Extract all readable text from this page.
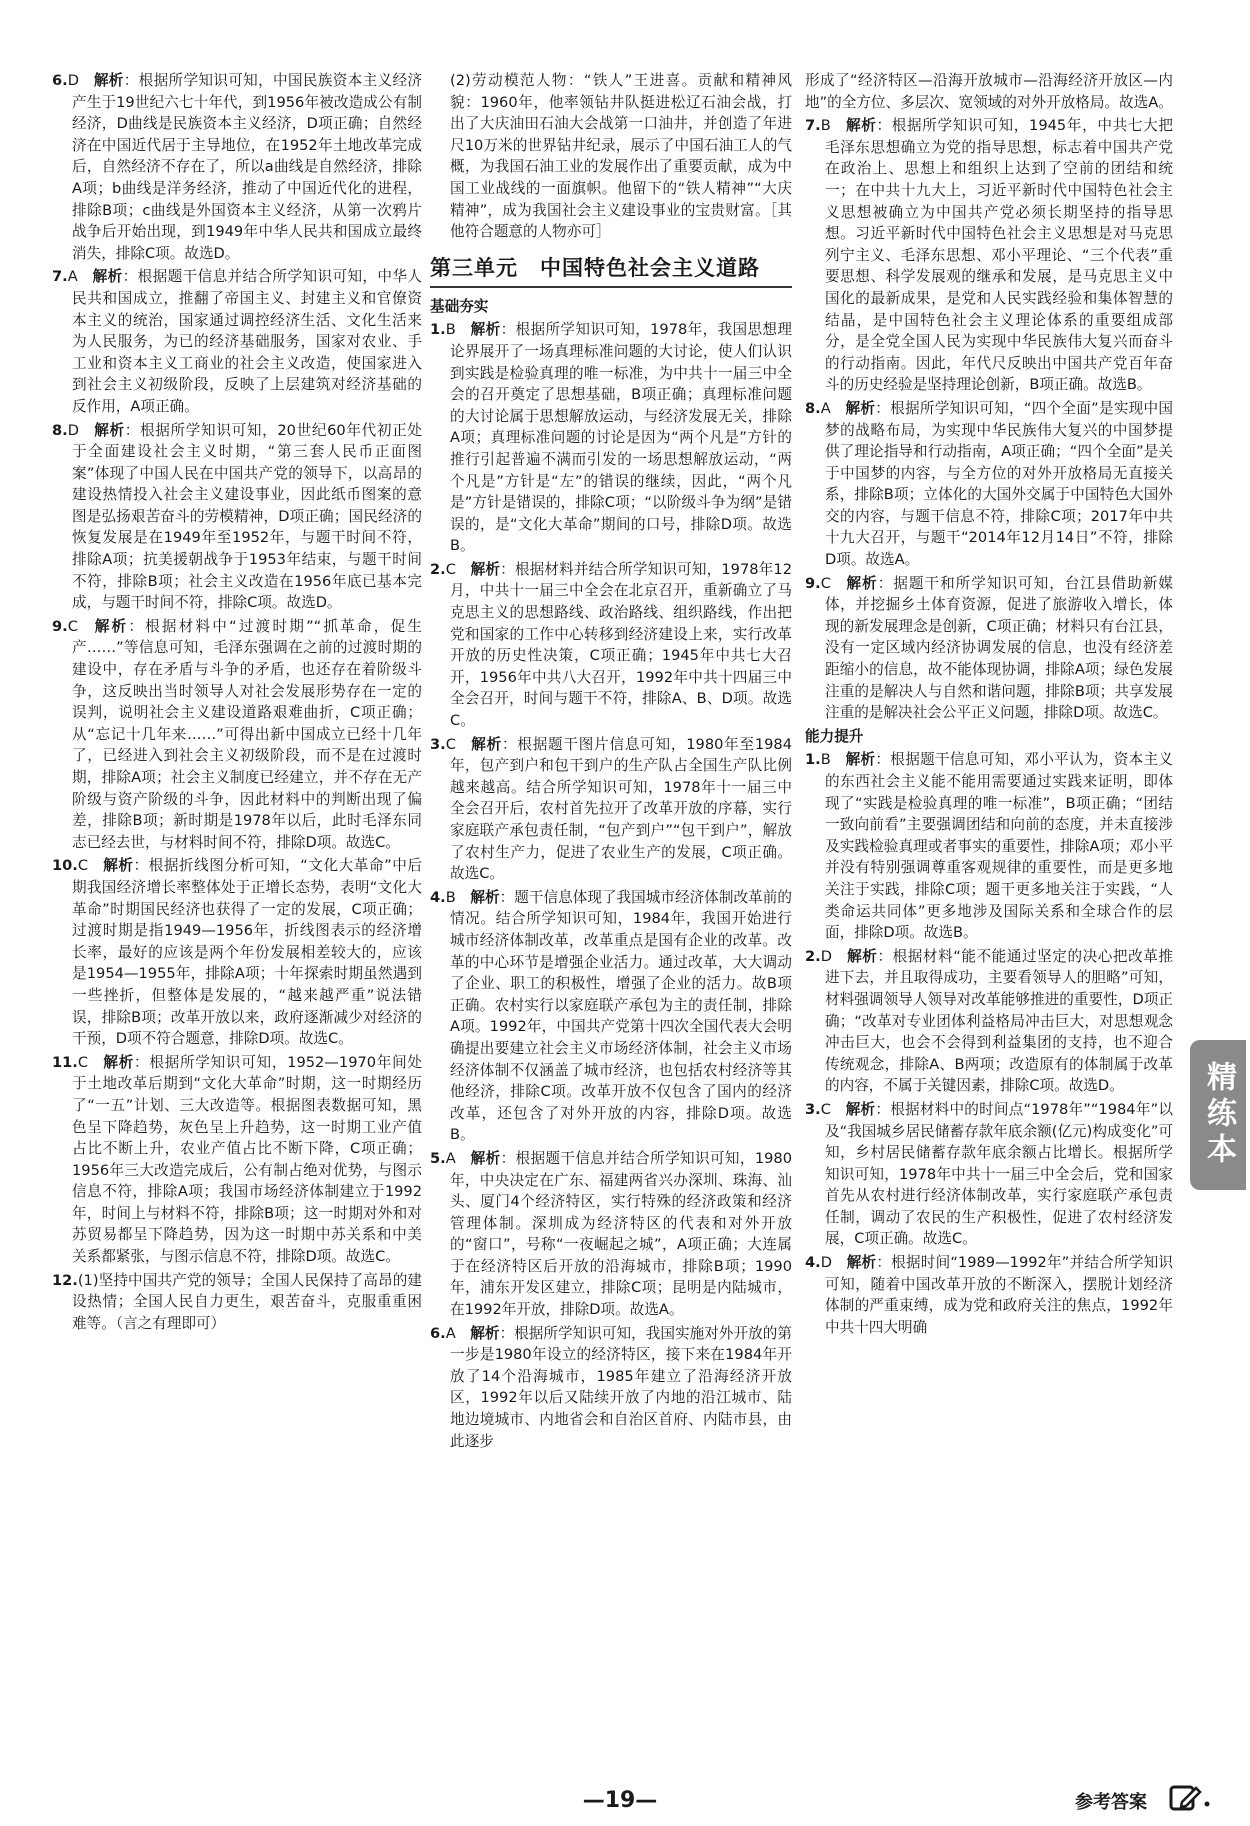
6.D  解析：根据所学知识可知，中国民族资本主义经济产生于19世纪六七十年代，到1956年被改造成公有制经济，D曲线是民族资本主义经济，D项正确；自然经济在中国近代居于主导地位，在1952年土地改革完成后，自然经济不存在了，所以a曲线是自然经济，排除A项；b曲线是洋务经济，推动了中国近代化的进程，排除B项；c曲线是外国资本主义经济，从第一次鸦片战争后开始出现，到1949年中华人民共和国成立最终消失，排除C项。故选D。

7.A  解析：根据题干信息并结合所学知识可知，中华人民共和国成立，推翻了帝国主义、封建主义和官僚资本主义的统治，国家通过调控经济生活、文化生活来为人民服务，为已的经济基础服务，国家对农业、手工业和资本主义工商业的社会主义改造，使国家进入到社会主义初级阶段，反映了上层建筑对经济基础的反作用，A项正确。

8.D  解析：根据所学知识可知，20世纪60年代初正处于全面建设社会主义时期，“第三套人民币正面图案”体现了中国人民在中国共产党的领导下，以高昂的建设热情投入社会主义建设事业，因此纸币图案的意图是弘扬艰苦奋斗的劳模精神，D项正确；国民经济的恢复发展是在1949年至1952年，与题干时间不符，排除A项；抗美援朝战争于1953年结束，与题干时间不符，排除B项；社会主义改造在1956年底已基本完成，与题干时间不符，排除C项。故选D。

9.C  解析：根据材料中“过渡时期”“抓革命，促生产……”等信息可知，毛泽东强调在之前的过渡时期的建设中，存在矛盾与斗争的矛盾，也还存在着阶级斗争，这反映出当时领导人对社会发展形势存在一定的误判，说明社会主义建设道路艰难曲折，C项正确；从“忘记十几年来……”可得出新中国成立已经十几年了，已经进入到社会主义初级阶段，而不是在过渡时期，排除A项；社会主义制度已经建立，并不存在无产阶级与资产阶级的斗争，因此材料中的判断出现了偏差，排除B项；新时期是1978年以后，此时毛泽东同志已经去世，与材料时间不符，排除D项。故选C。

10.C  解析：根据折线图分析可知，“文化大革命”中后期我国经济增长率整体处于正增长态势，表明“文化大革命”时期国民经济也获得了一定的发展，C项正确；过渡时期是指1949—1956年，折线图表示的经济增长率，最好的应该是两个年份发展相差较大的，应该是1954—1955年，排除A项；十年探索时期虽然遇到一些挫折，但整体是发展的，“越来越严重”说法错误，排除B项；改革开放以来，政府逐渐减少对经济的干预，D项不符合题意，排除D项。故选C。

11.C  解析：根据所学知识可知，1952—1970年间处于土地改革后期到“文化大革命”时期，这一时期经历了“一五”计划、三大改造等。根据图表数据可知，黑色呈下降趋势，灰色呈上升趋势，这一时期工业产值占比不断上升，农业产值占比不断下降，C项正确；1956年三大改造完成后，公有制占绝对优势，与图示信息不符，排除A项；我国市场经济体制建立于1992年，时间上与材料不符，排除B项；这一时期对外和对苏贸易都呈下降趋势，因为这一时期中苏关系和中美关系都紧张，与图示信息不符，排除D项。故选C。

12.(1)坚持中国共产党的领导；全国人民保持了高昂的建设热情；全国人民自力更生，艰苦奋斗，克服重重困难等。（言之有理即可）

(2)劳动模范人物：“铁人”王进喜。贡献和精神风貌：1960年，他率领钻井队挺进松辽石油会战，打出了大庆油田石油大会战第一口油井，并创造了年进尺10万米的世界钻井纪录，展示了中国石油工人的气概，为我国石油工业的发展作出了重要贡献，成为中国工业战线的一面旗帜。他留下的“铁人精神”“大庆精神”，成为我国社会主义建设事业的宝贵财富。［其他符合题意的人物亦可］

第三单元　中国特色社会主义道路
基础夯实

1.B  解析：根据所学知识可知，1978年，我国思想理论界展开了一场真理标准问题的大讨论，使人们认识到实践是检验真理的唯一标准，为中共十一届三中全会的召开奠定了思想基础，B项正确；真理标准问题的大讨论属于思想解放运动，与经济发展无关，排除A项；真理标准问题的讨论是因为“两个凡是”方针的推行引起普遍不满而引发的一场思想解放运动，“两个凡是”方针是“左”的错误的继续，因此，“两个凡是”方针是错误的，排除C项；“以阶级斗争为纲”是错误的，是“文化大革命”期间的口号，排除D项。故选B。

2.C  解析：根据材料并结合所学知识可知，1978年12月，中共十一届三中全会在北京召开，重新确立了马克思主义的思想路线、政治路线、组织路线，作出把党和国家的工作中心转移到经济建设上来，实行改革开放的历史性决策，C项正确；1945年中共七大召开，1956年中共八大召开，1992年中共十四届三中全会召开，时间与题干不符，排除A、B、D项。故选C。

3.C  解析：根据题干图片信息可知，1980年至1984年，包产到户和包干到户的生产队占全国生产队比例越来越高。结合所学知识可知，1978年十一届三中全会召开后，农村首先拉开了改革开放的序幕，实行家庭联产承包责任制，“包产到户”“包干到户”，解放了农村生产力，促进了农业生产的发展，C项正确。故选C。

4.B  解析：题干信息体现了我国城市经济体制改革前的情况。结合所学知识可知，1984年，我国开始进行城市经济体制改革，改革重点是国有企业的改革。改革的中心环节是增强企业活力。通过改革，大大调动了企业、职工的积极性，增强了企业的活力。故B项正确。农村实行以家庭联产承包为主的责任制，排除A项。1992年，中国共产党第十四次全国代表大会明确提出要建立社会主义市场经济体制，社会主义市场经济体制不仅涵盖了城市经济，也包括农村经济等其他经济，排除C项。改革开放不仅包含了国内的经济改革，还包含了对外开放的内容，排除D项。故选B。

5.A  解析：根据题干信息并结合所学知识可知，1980年，中央决定在广东、福建两省兴办深圳、珠海、汕头、厦门4个经济特区，实行特殊的经济政策和经济管理体制。深圳成为经济特区的代表和对外开放的“窗口”，号称“一夜崛起之城”，A项正确；大连属于在经济特区后开放的沿海城市，排除B项；1990年，浦东开发区建立，排除C项；昆明是内陆城市，在1992年开放，排除D项。故选A。

6.A  解析：根据所学知识可知，我国实施对外开放的第一步是1980年设立的经济特区，接下来在1984年开放了14个沿海城市，1985年建立了沿海经济开放区，1992年以后又陆续开放了内地的沿江城市、陆地边境城市、内地省会和自治区首府、内陆市县，由此逐步

形成了“经济特区—沿海开放城市—沿海经济开放区—内地”的全方位、多层次、宽领域的对外开放格局。故选A。

7.B  解析：根据所学知识可知，1945年，中共七大把毛泽东思想确立为党的指导思想，标志着中国共产党在政治上、思想上和组织上达到了空前的团结和统一；在中共十九大上，习近平新时代中国特色社会主义思想被确立为中国共产党必须长期坚持的指导思想。习近平新时代中国特色社会主义思想是对马克思列宁主义、毛泽东思想、邓小平理论、“三个代表”重要思想、科学发展观的继承和发展，是马克思主义中国化的最新成果，是党和人民实践经验和集体智慧的结晶，是中国特色社会主义理论体系的重要组成部分，是全党全国人民为实现中华民族伟大复兴而奋斗的行动指南。因此，年代尺反映出中国共产党百年奋斗的历史经验是坚持理论创新，B项正确。故选B。

8.A  解析：根据所学知识可知，“四个全面”是实现中国梦的战略布局，为实现中华民族伟大复兴的中国梦提供了理论指导和行动指南，A项正确；“四个全面”是关于中国梦的内容，与全方位的对外开放格局无直接关系，排除B项；立体化的大国外交属于中国特色大国外交的内容，与题干信息不符，排除C项；2017年中共十九大召开，与题干“2014年12月14日”不符，排除D项。故选A。

9.C  解析：据题干和所学知识可知，台江县借助新媒体，并挖掘乡土体育资源，促进了旅游收入增长，体现的新发展理念是创新，C项正确；材料只有台江县，没有一定区域内经济协调发展的信息，也没有经济差距缩小的信息，故不能体现协调，排除A项；绿色发展注重的是解决人与自然和谐问题，排除B项；共享发展注重的是解决社会公平正义问题，排除D项。故选C。

能力提升

1.B  解析：根据题干信息可知，邓小平认为，资本主义的东西社会主义能不能用需要通过实践来证明，即体现了“实践是检验真理的唯一标准”，B项正确；“团结一致向前看”主要强调团结和向前的态度，并未直接涉及实践检验真理或者事实的重要性，排除A项；邓小平并没有特别强调尊重客观规律的重要性，而是更多地关注于实践，排除C项；题干更多地关注于实践，“人类命运共同体”更多地涉及国际关系和全球合作的层面，排除D项。故选B。

2.D  解析：根据材料“能不能通过坚定的决心把改革推进下去，并且取得成功，主要看领导人的胆略”可知，材料强调领导人领导对改革能够推进的重要性，D项正确；“改革对专业团体利益格局冲击巨大，对思想观念冲击巨大，也会不会得到利益集团的支持，也不迎合传统观念，排除A、B两项；改造原有的体制属于改革的内容，不属于关键因素，排除C项。故选D。

3.C  解析：根据材料中的时间点“1978年”“1984年”以及“我国城乡居民储蓄存款年底余额(亿元)构成变化”可知，乡村居民储蓄存款年底余额占比增长。根据所学知识可知，1978年中共十一届三中全会后，党和国家首先从农村进行经济体制改革，实行家庭联产承包责任制，调动了农民的生产积极性，促进了农村经济发展，C项正确。故选C。

4.D  解析：根据时间“1989—1992年”并结合所学知识可知，随着中国改革开放的不断深入，摆脱计划经济体制的严重束缚，成为党和政府关注的焦点，1992年中共十四大明确

精练本
—19—	参考答案
